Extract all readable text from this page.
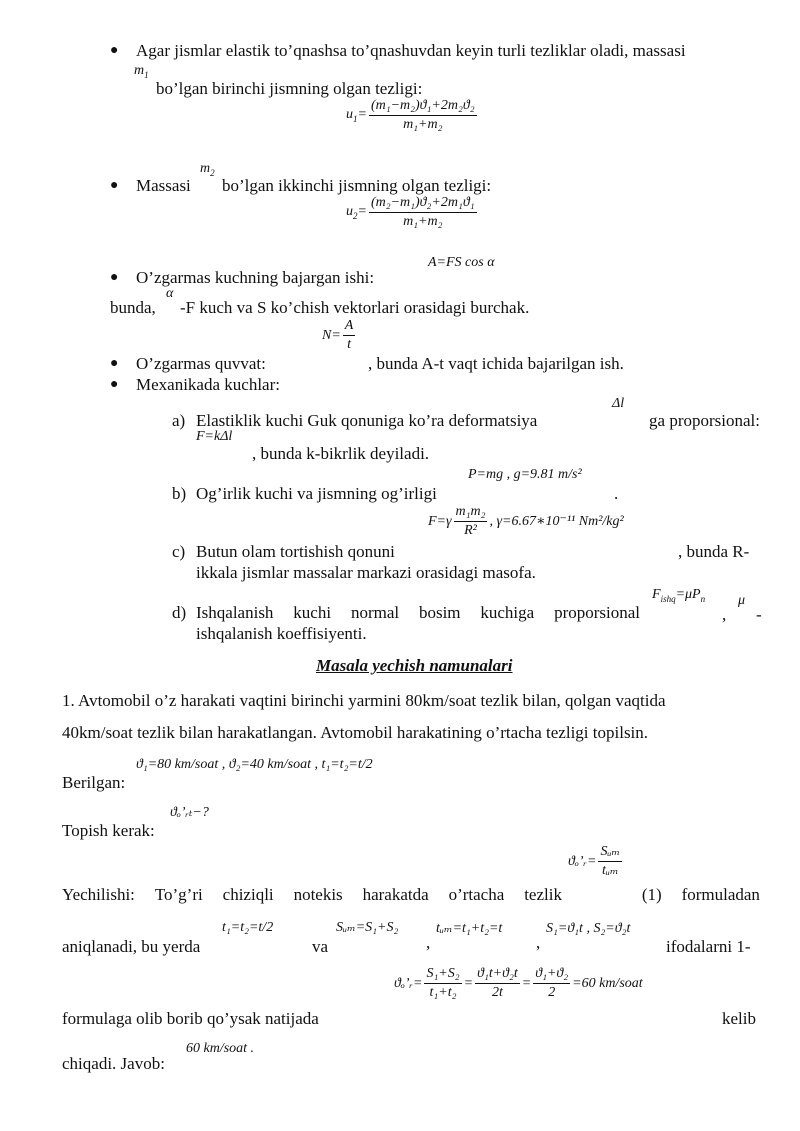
● Agar jismlar elastik to’qnashsa to’qnashuvdan keyin turli tezliklar oladi, massasi
$m_1$
bo’lgan birinchi jismning olgan tezligi:
$u_1= \frac{\text{(m₁−m₂)ϑ₁+2m₂ϑ₂}}{\text{m₁+m₂}}$
● Massasi
$m_2$
bo’lgan ikkinchi jismning olgan tezligi:
$u_2= \frac{\text{(m₂−m₁)ϑ₂+2m₁ϑ₁}}{\text{m₁+m₂}}$
A=FS cos α
● O’zgarmas kuchning bajargan ishi:
bunda,
α
-F kuch va S ko’chish vektorlari orasidagi burchak.
$N= \frac{A}{t}$
● O’zgarmas quvvat:	, bunda A-t vaqt ichida bajarilgan ish.
● Mexanikada kuchlar:
a)
Δl
Elastiklik kuchi Guk qonuniga ko’ra deformatsiya	ga proporsional:
F=kΔl
, bunda k-bikrlik deyiladi.
P=mg , g=9.81 m/s²
b) Og’irlik kuchi va jismning og’irligi	.
$F=\gamma \frac{\text{m₁m₂}}{\text{R²}}$ , γ=6.67∗10⁻¹¹ Nm²/kg²
c) Butun olam tortishish qonuni	, bunda R-
ikkala jismlar massalar markazi orasidagi masofa.
$F_{ishq}=\mu P_n$ μ
d) Ishqalanish kuchi normal bosim kuchiga proporsional	, -
ishqalanish koeffisiyenti.
Masala yechish namunalari
1. Avtomobil o’z harakati vaqtini birinchi yarmini 80km/soat tezlik bilan, qolgan vaqtida
40km/soat tezlik bilan harakatlangan. Avtomobil harakatining o’rtacha tezligi topilsin.
ϑ₁=80 km/soat , ϑ₂=40 km/soat , t₁=t₂=t/2
Berilgan:
ϑₒ’ᵣₜ−?
Topish kerak:
ϑₒ’ᵣ= $\frac{\text{Sᵤₘ}}{\text{tᵤₘ}}$
Yechilishi: To’g’ri chiziqli notekis harakatda o’rtacha tezlik	(1) formuladan
t₁=t₂=t/2	Sᵤₘ=S₁+S₂	tᵤₘ=t₁+t₂=t	S₁=ϑ₁t , S₂=ϑ₂t
aniqlanadi, bu yerda	va	,	,	ifodalarni 1-
ϑₒ’ᵣ= $\frac{\text{S₁+S₂}}{\text{t₁+t₂}} = \frac{\text{ϑ₁t+ϑ₂t}}{2t} = \frac{\text{ϑ₁+ϑ₂}}{2} =60$ km/soat
formulaga olib borib qo’ysak natijada	kelib
60 km/soat .
chiqadi. Javob:
